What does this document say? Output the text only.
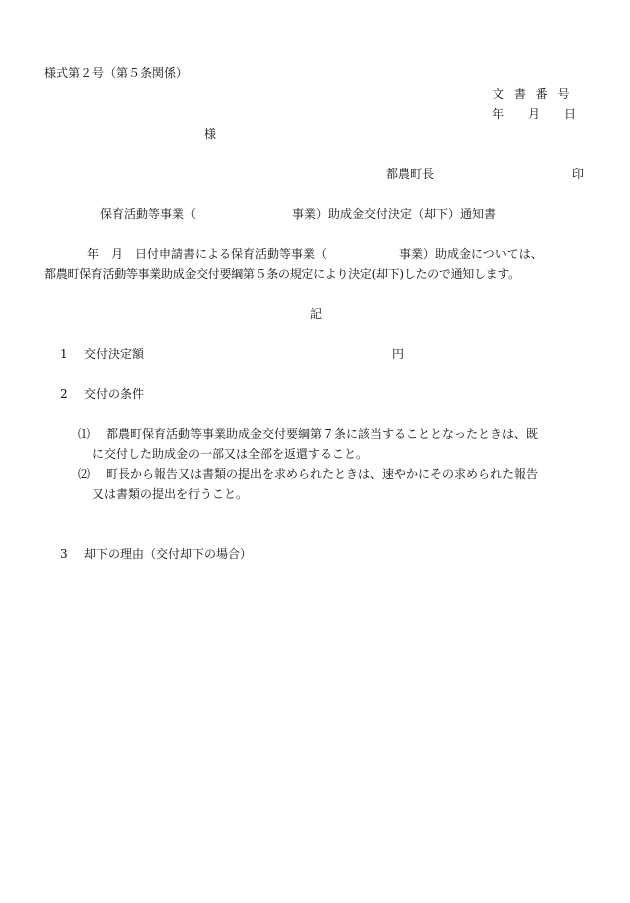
様式第２号（第５条関係）
文 書 番 号
年　　月　　日
様
都農町長	印
保育活動等事業（　　　　　　　　事業）助成金交付決定（却下）通知書
年　月　日付申請書による保育活動等事業（　　　　　　事業）助成金については、
都農町保育活動等事業助成金交付要綱第５条の規定により決定(却下)したので通知します。
記
1 交付決定額	円
2 交付の条件
⑴ 都農町保育活動等事業助成金交付要綱第７条に該当することとなったときは、既
に交付した助成金の一部又は全部を返還すること。
⑵ 町長から報告又は書類の提出を求められたときは、速やかにその求められた報告
又は書類の提出を行うこと。
3 却下の理由（交付却下の場合）
